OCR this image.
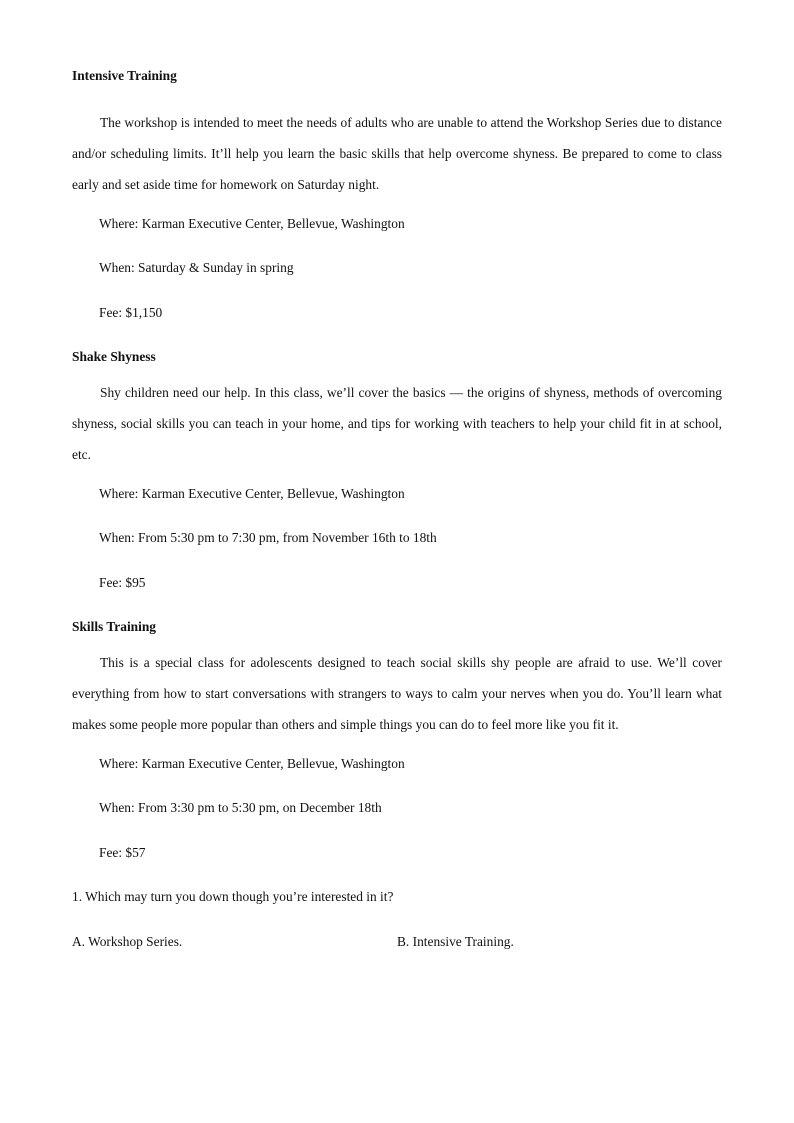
Intensive Training

The workshop is intended to meet the needs of adults who are unable to attend the Workshop Series due to distance and/or scheduling limits. It’ll help you learn the basic skills that help overcome shyness. Be prepared to come to class early and set aside time for homework on Saturday night.

Where: Karman Executive Center, Bellevue, Washington

When: Saturday & Sunday in spring

Fee: $1,150

Shake Shyness

Shy children need our help. In this class, we’ll cover the basics — the origins of shyness, methods of overcoming shyness, social skills you can teach in your home, and tips for working with teachers to help your child fit in at school, etc.

Where: Karman Executive Center, Bellevue, Washington

When: From 5:30 pm to 7:30 pm, from November 16th to 18th

Fee: $95

Skills Training

This is a special class for adolescents designed to teach social skills shy people are afraid to use. We’ll cover everything from how to start conversations with strangers to ways to calm your nerves when you do. You’ll learn what makes some people more popular than others and simple things you can do to feel more like you fit it.

Where: Karman Executive Center, Bellevue, Washington

When: From 3:30 pm to 5:30 pm, on December 18th

Fee: $57

1. Which may turn you down though you’re interested in it?

A. Workshop Series.	B. Intensive Training.
